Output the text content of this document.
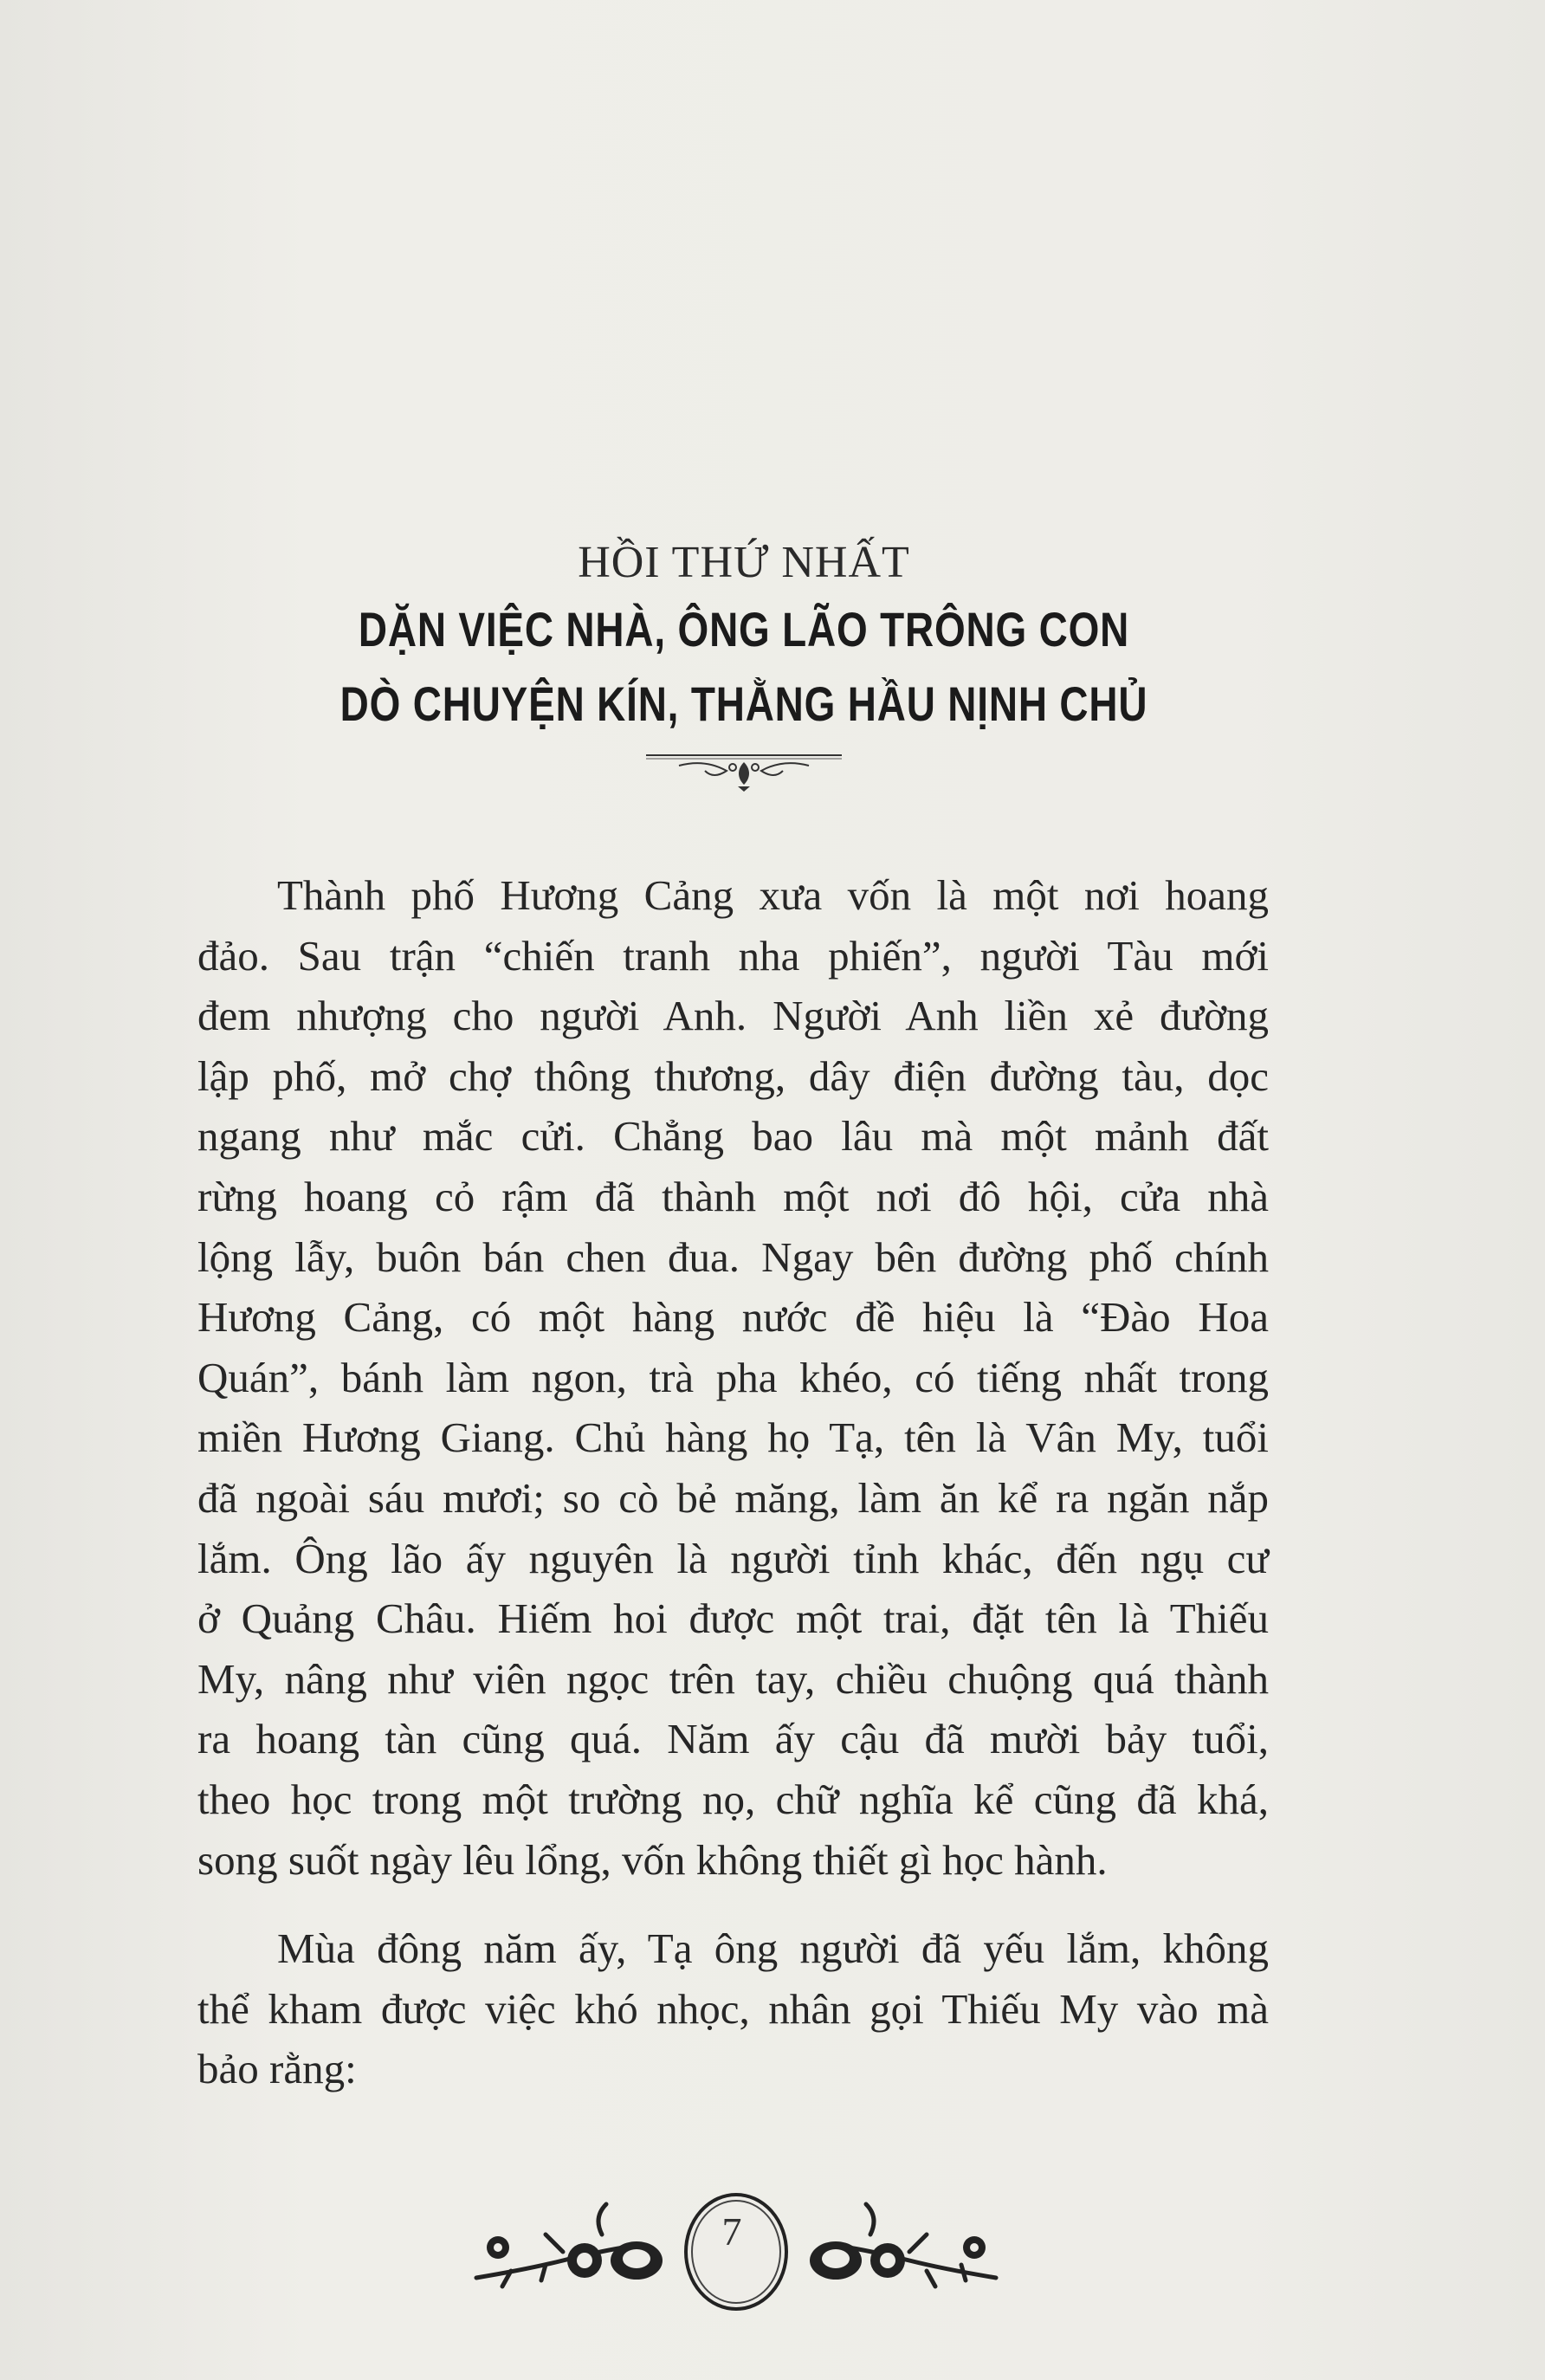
HỒI THỨ NHẤT
DẶN VIỆC NHÀ, ÔNG LÃO TRÔNG CON
DÒ CHUYỆN KÍN, THẰNG HẦU NỊNH CHỦ
Thành phố Hương Cảng xưa vốn là một nơi hoang
đảo. Sau trận “chiến tranh nha phiến”, người Tàu mới
đem nhượng cho người Anh. Người Anh liền xẻ đường
lập phố, mở chợ thông thương, dây điện đường tàu, dọc
ngang như mắc cửi. Chẳng bao lâu mà một mảnh đất
rừng hoang cỏ rậm đã thành một nơi đô hội, cửa nhà
lộng lẫy, buôn bán chen đua. Ngay bên đường phố chính
Hương Cảng, có một hàng nước đề hiệu là “Đào Hoa
Quán”, bánh làm ngon, trà pha khéo, có tiếng nhất trong
miền Hương Giang. Chủ hàng họ Tạ, tên là Vân My, tuổi
đã ngoài sáu mươi; so cò bẻ măng, làm ăn kể ra ngăn nắp
lắm. Ông lão ấy nguyên là người tỉnh khác, đến ngụ cư
ở Quảng Châu. Hiếm hoi được một trai, đặt tên là Thiếu
My, nâng như viên ngọc trên tay, chiều chuộng quá thành
ra hoang tàn cũng quá. Năm ấy cậu đã mười bảy tuổi,
theo học trong một trường nọ, chữ nghĩa kể cũng đã khá,
song suốt ngày lêu lổng, vốn không thiết gì học hành.
Mùa đông năm ấy, Tạ ông người đã yếu lắm, không
thể kham được việc khó nhọc, nhân gọi Thiếu My vào mà
bảo rằng:
7
